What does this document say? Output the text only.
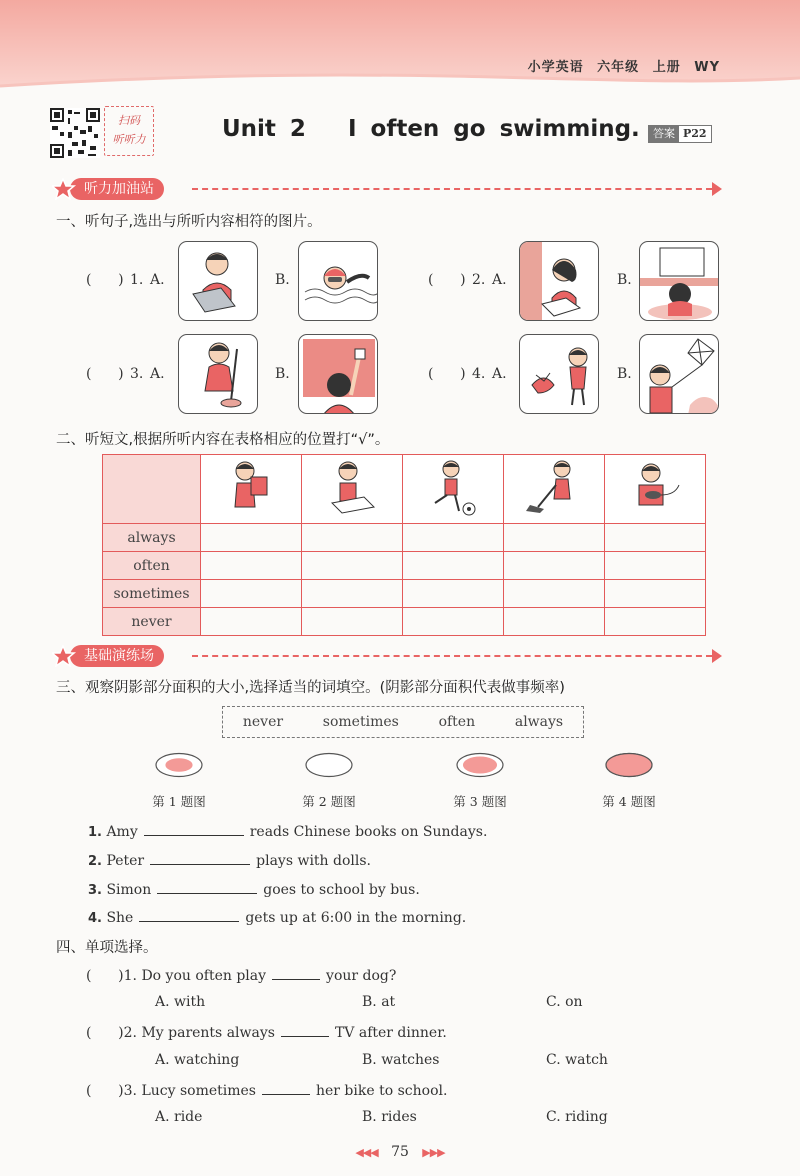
小学英语 六年级 上册 WY
扫码
听听力	Unit 2   I often go swimming.	答案 P22
听力加油站
一、听句子,选出与所听内容相符的图片。
(      ) 1. A.	B.	(      ) 2. A.	B.
(      ) 3. A.	B.	(      ) 4. A.	B.
二、听短文,根据所听内容在表格相应的位置打“√”。

always					
often					
sometimes					
never					
基础演练场
三、观察阴影部分面积的大小,选择适当的词填空。(阴影部分面积代表做事频率)
never	sometimes	often	always
第 1 题图	第 2 题图	第 3 题图	第 4 题图
1. Amy	reads Chinese books on Sundays.
2. Peter	plays with dolls.
3. Simon	goes to school by bus.
4. She	gets up at 6:00 in the morning.
四、单项选择。
(      )1. Do you often play	your dog?
A. with	B. at	C. on
(      )2. My parents always	TV after dinner.
A. watching	B. watches	C. watch
(      )3. Lucy sometimes	her bike to school.
A. ride	B. rides	C. riding
◀◀◀ 75 ▶▶▶
